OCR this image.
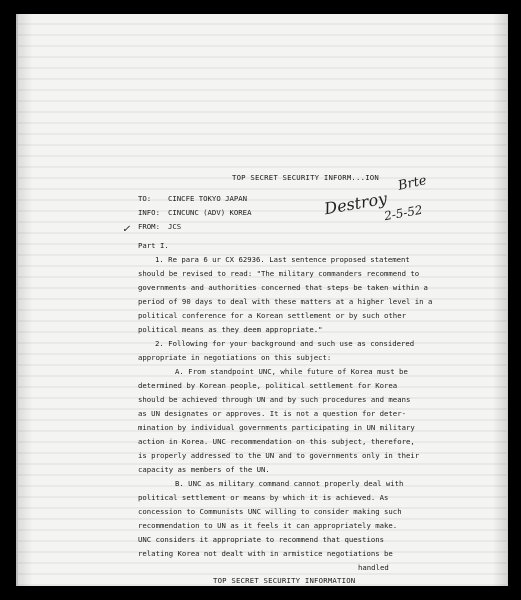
TOP SECRET SECURITY INFORM...ION

TO: CINCFE TOKYO JAPAN

INFO: CINCUNC (ADV) KOREA

FROM: JCS

Destroy

Brte

2-5-52

✓

Part I.

1. Re para 6 ur CX 62936. Last sentence proposed statement

should be revised to read: "The military commanders recommend to

governments and authorities concerned that steps be taken within a

period of 90 days to deal with these matters at a higher level in a

political conference for a Korean settlement or by such other

political means as they deem appropriate."

2. Following for your background and such use as considered

appropriate in negotiations on this subject:

A. From standpoint UNC, while future of Korea must be

determined by Korean people, political settlement for Korea

should be achieved through UN and by such procedures and means

as UN designates or approves. It is not a question for deter-

mination by individual governments participating in UN military

action in Korea. UNC recommendation on this subject, therefore,

is properly addressed to the UN and to governments only in their

capacity as members of the UN.

B. UNC as military command cannot properly deal with

political settlement or means by which it is achieved. As

concession to Communists UNC willing to consider making such

recommendation to UN as it feels it can appropriately make.

UNC considers it appropriate to recommend that questions

relating Korea not dealt with in armistice negotiations be

handled

TOP SECRET SECURITY INFORMATION
